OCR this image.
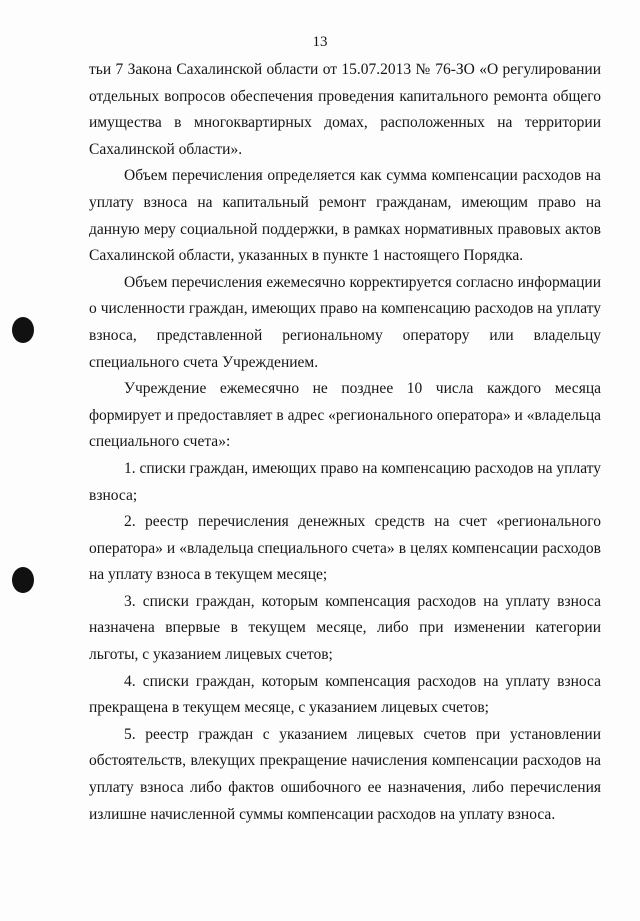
13

тьи 7 Закона Сахалинской области от 15.07.2013 № 76-ЗО «О регулировании отдельных вопросов обеспечения проведения капитального ремонта общего имущества в многоквартирных домах, расположенных на территории Сахалинской области».

Объем перечисления определяется как сумма компенсации расходов на уплату взноса на капитальный ремонт гражданам, имеющим право на данную меру социальной поддержки, в рамках нормативных правовых актов Сахалинской области, указанных в пункте 1 настоящего Порядка.

Объем перечисления ежемесячно корректируется согласно информации о численности граждан, имеющих право на компенсацию расходов на уплату взноса, представленной региональному оператору или владельцу специального счета Учреждением.

Учреждение ежемесячно не позднее 10 числа каждого месяца формирует и предоставляет в адрес «регионального оператора» и «владельца специального счета»:

1. списки граждан, имеющих право на компенсацию расходов на уплату взноса;

2. реестр перечисления денежных средств на счет «регионального оператора» и «владельца специального счета» в целях компенсации расходов на уплату взноса в текущем месяце;

3. списки граждан, которым компенсация расходов на уплату взноса назначена впервые в текущем месяце, либо при изменении категории льготы, с указанием лицевых счетов;

4. списки граждан, которым компенсация расходов на уплату взноса прекращена в текущем месяце, с указанием лицевых счетов;

5. реестр граждан с указанием лицевых счетов при установлении обстоятельств, влекущих прекращение начисления компенсации расходов на уплату взноса либо фактов ошибочного ее назначения, либо перечисления излишне начисленной суммы компенсации расходов на уплату взноса.
